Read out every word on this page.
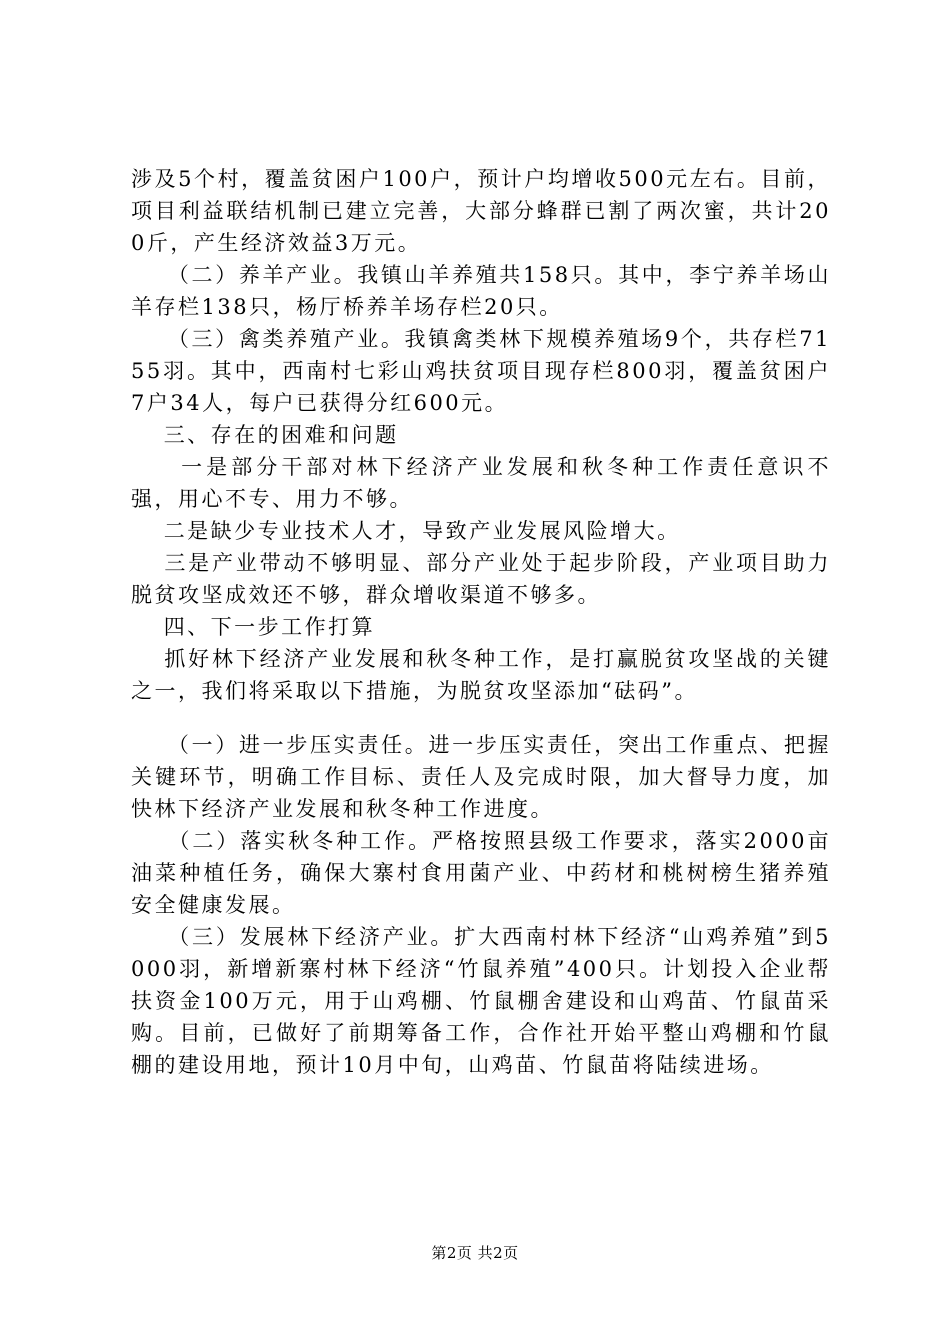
涉及5个村，覆盖贫困户100户，预计户均增收500元左右。目前，项目利益联结机制已建立完善，大部分蜂群已割了两次蜜，共计200斤，产生经济效益3万元。

　　（二）养羊产业。我镇山羊养殖共158只。其中，李宁养羊场山羊存栏138只，杨厅桥养羊场存栏20只。

　　（三）禽类养殖产业。我镇禽类林下规模养殖场9个，共存栏7155羽。其中，西南村七彩山鸡扶贫项目现存栏800羽，覆盖贫困户7户34人，每户已获得分红600元。

　 三、存在的困难和问题

　　一是部分干部对林下经济产业发展和秋冬种工作责任意识不强，用心不专、用力不够。

　 二是缺少专业技术人才，导致产业发展风险增大。

　 三是产业带动不够明显、部分产业处于起步阶段，产业项目助力脱贫攻坚成效还不够，群众增收渠道不够多。

　 四、下一步工作打算

　 抓好林下经济产业发展和秋冬种工作，是打赢脱贫攻坚战的关键之一，我们将采取以下措施，为脱贫攻坚添加“砝码”。

　　（一）进一步压实责任。进一步压实责任，突出工作重点、把握关键环节，明确工作目标、责任人及完成时限，加大督导力度，加快林下经济产业发展和秋冬种工作进度。

　　（二）落实秋冬种工作。严格按照县级工作要求，落实2000亩油菜种植任务，确保大寨村食用菌产业、中药材和桃树榜生猪养殖安全健康发展。

　　（三）发展林下经济产业。扩大西南村林下经济“山鸡养殖”到5000羽，新增新寨村林下经济“竹鼠养殖”400只。计划投入企业帮扶资金100万元，用于山鸡棚、竹鼠棚舍建设和山鸡苗、竹鼠苗采购。目前，已做好了前期筹备工作，合作社开始平整山鸡棚和竹鼠棚的建设用地，预计10月中旬，山鸡苗、竹鼠苗将陆续进场。

第2页 共2页
